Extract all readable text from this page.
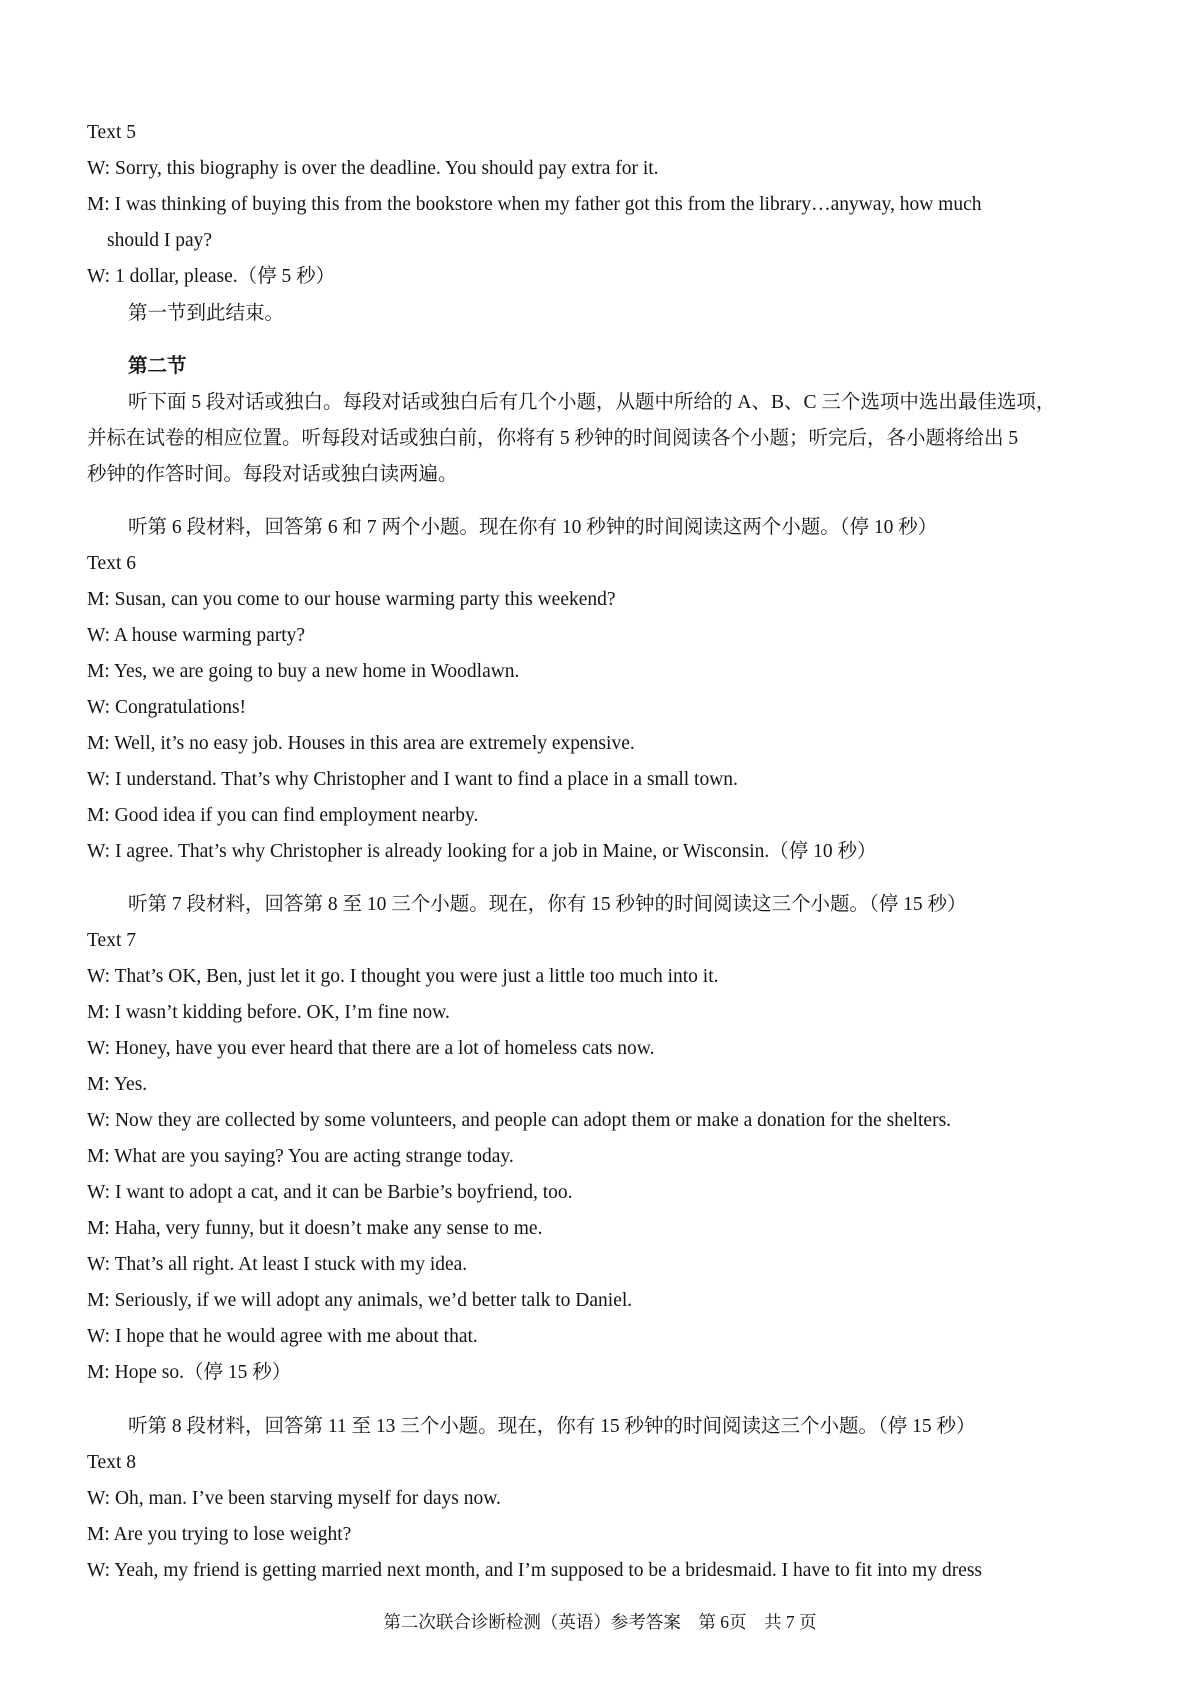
Text 5
W: Sorry, this biography is over the deadline. You should pay extra for it.
M: I was thinking of buying this from the bookstore when my father got this from the library…anyway, how much
should I pay?
W: 1 dollar, please.（停 5 秒）
第一节到此结束。
第二节
听下面 5 段对话或独白。每段对话或独白后有几个小题，从题中所给的 A、B、C 三个选项中选出最佳选项，
并标在试卷的相应位置。听每段对话或独白前，你将有 5 秒钟的时间阅读各个小题；听完后，各小题将给出 5
秒钟的作答时间。每段对话或独白读两遍。
听第 6 段材料，回答第 6 和 7 两个小题。现在你有 10 秒钟的时间阅读这两个小题。（停 10 秒）
Text 6
M: Susan, can you come to our house warming party this weekend?
W: A house warming party?
M: Yes, we are going to buy a new home in Woodlawn.
W: Congratulations!
M: Well, it’s no easy job. Houses in this area are extremely expensive.
W: I understand. That’s why Christopher and I want to find a place in a small town.
M: Good idea if you can find employment nearby.
W: I agree. That’s why Christopher is already looking for a job in Maine, or Wisconsin.（停 10 秒）
听第 7 段材料，回答第 8 至 10 三个小题。现在，你有 15 秒钟的时间阅读这三个小题。（停 15 秒）
Text 7
W: That’s OK, Ben, just let it go. I thought you were just a little too much into it.
M: I wasn’t kidding before. OK, I’m fine now.
W: Honey, have you ever heard that there are a lot of homeless cats now.
M: Yes.
W: Now they are collected by some volunteers, and people can adopt them or make a donation for the shelters.
M: What are you saying? You are acting strange today.
W: I want to adopt a cat, and it can be Barbie’s boyfriend, too.
M: Haha, very funny, but it doesn’t make any sense to me.
W: That’s all right. At least I stuck with my idea.
M: Seriously, if we will adopt any animals, we’d better talk to Daniel.
W: I hope that he would agree with me about that.
M: Hope so.（停 15 秒）
听第 8 段材料，回答第 11 至 13 三个小题。现在，你有 15 秒钟的时间阅读这三个小题。（停 15 秒）
Text 8
W: Oh, man. I’ve been starving myself for days now.
M: Are you trying to lose weight?
W: Yeah, my friend is getting married next month, and I’m supposed to be a bridesmaid. I have to fit into my dress
第二次联合诊断检测（英语）参考答案　第 6页　共 7 页
